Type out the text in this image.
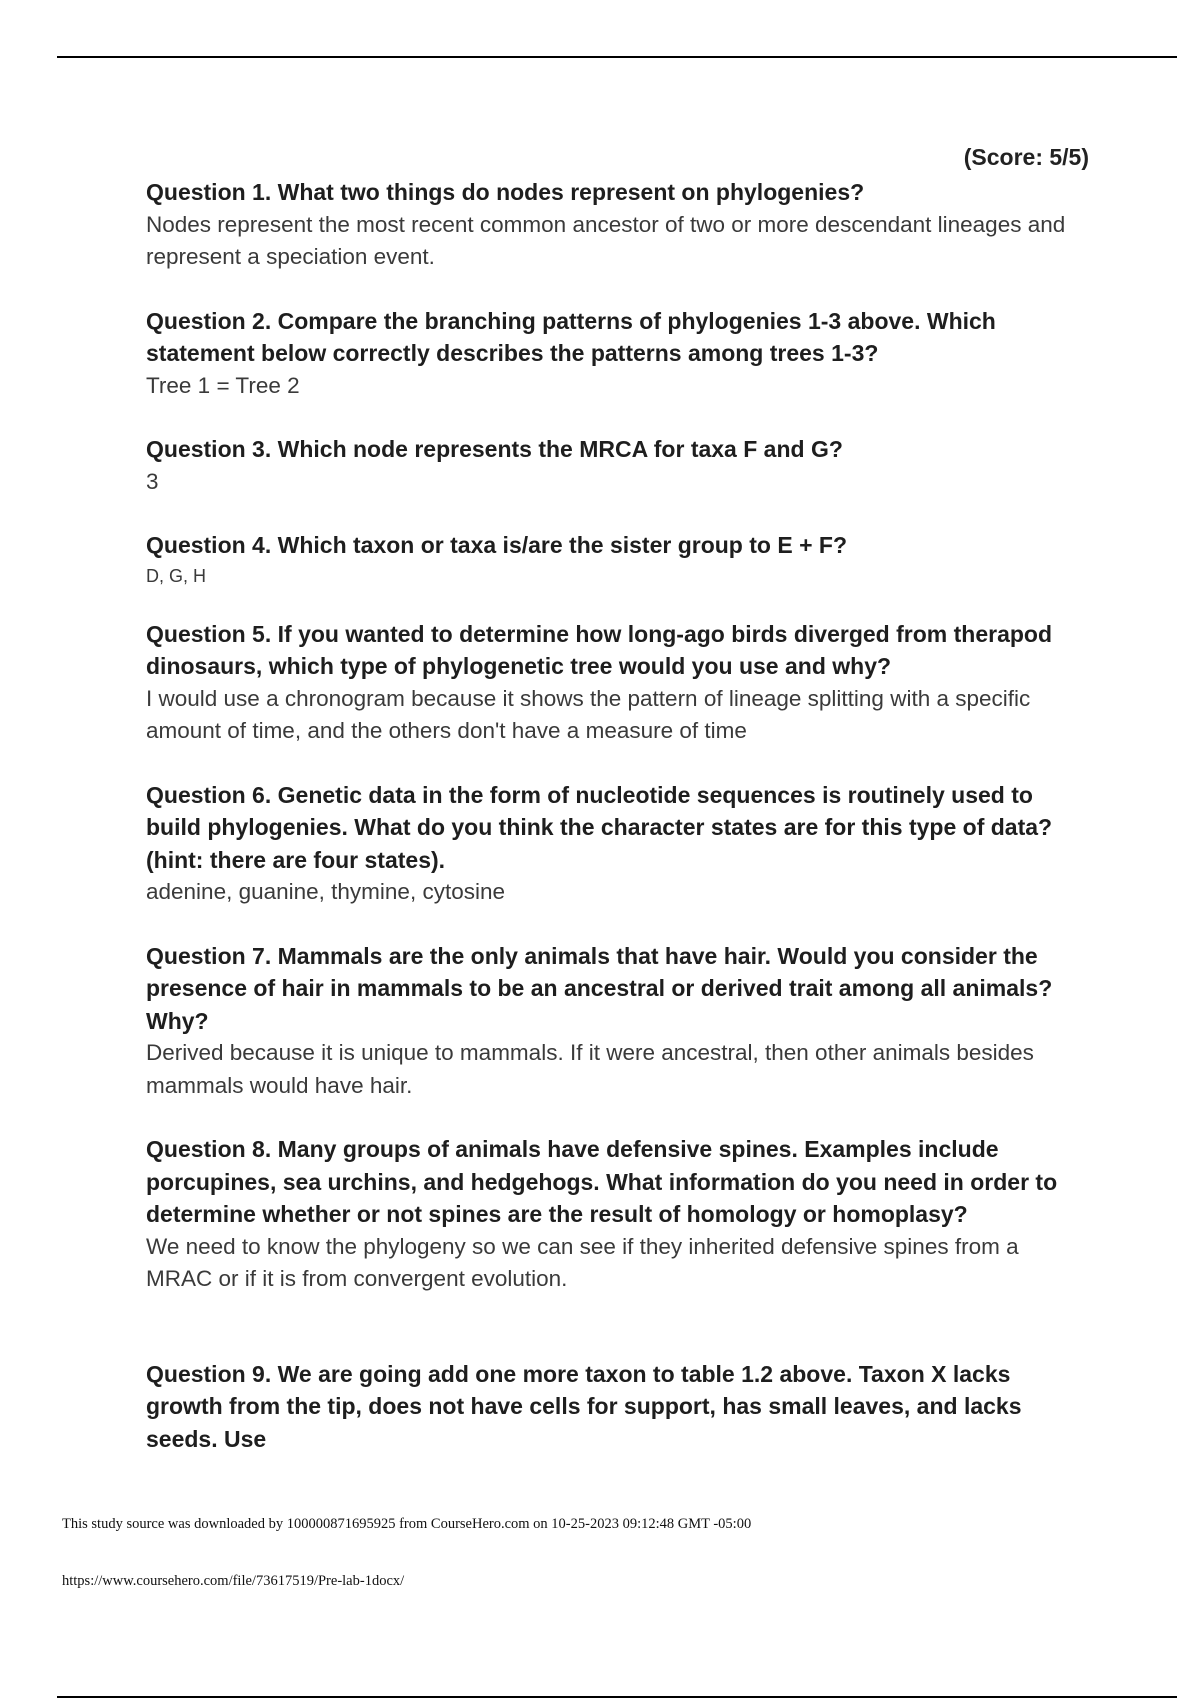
(Score: 5/5)

Question 1. What two things do nodes represent on phylogenies?

Nodes represent the most recent common ancestor of two or more descendant lineages and represent a speciation event.

Question 2. Compare the branching patterns of phylogenies 1-3 above. Which statement below correctly describes the patterns among trees 1-3?

Tree 1 = Tree 2

Question 3. Which node represents the MRCA for taxa F and G?

3

Question 4. Which taxon or taxa is/are the sister group to E + F?

D, G, H

Question 5. If you wanted to determine how long-ago birds diverged from therapod dinosaurs, which type of phylogenetic tree would you use and why?

I would use a chronogram because it shows the pattern of lineage splitting with a specific amount of time, and the others don't have a measure of time

Question 6. Genetic data in the form of nucleotide sequences is routinely used to build phylogenies. What do you think the character states are for this type of data? (hint: there are four states).

adenine, guanine, thymine, cytosine

Question 7. Mammals are the only animals that have hair. Would you consider the presence of hair in mammals to be an ancestral or derived trait among all animals? Why?

Derived because it is unique to mammals. If it were ancestral, then other animals besides mammals would have hair.

Question 8. Many groups of animals have defensive spines. Examples include porcupines, sea urchins, and hedgehogs. What information do you need in order to determine whether or not spines are the result of homology or homoplasy?

We need to know the phylogeny so we can see if they inherited defensive spines from a MRAC or if it is from convergent evolution.

Question 9. We are going add one more taxon to table 1.2 above. Taxon X lacks growth from the tip, does not have cells for support, has small leaves, and lacks seeds. Use

This study source was downloaded by 100000871695925 from CourseHero.com on 10-25-2023 09:12:48 GMT -05:00
https://www.coursehero.com/file/73617519/Pre-lab-1docx/
